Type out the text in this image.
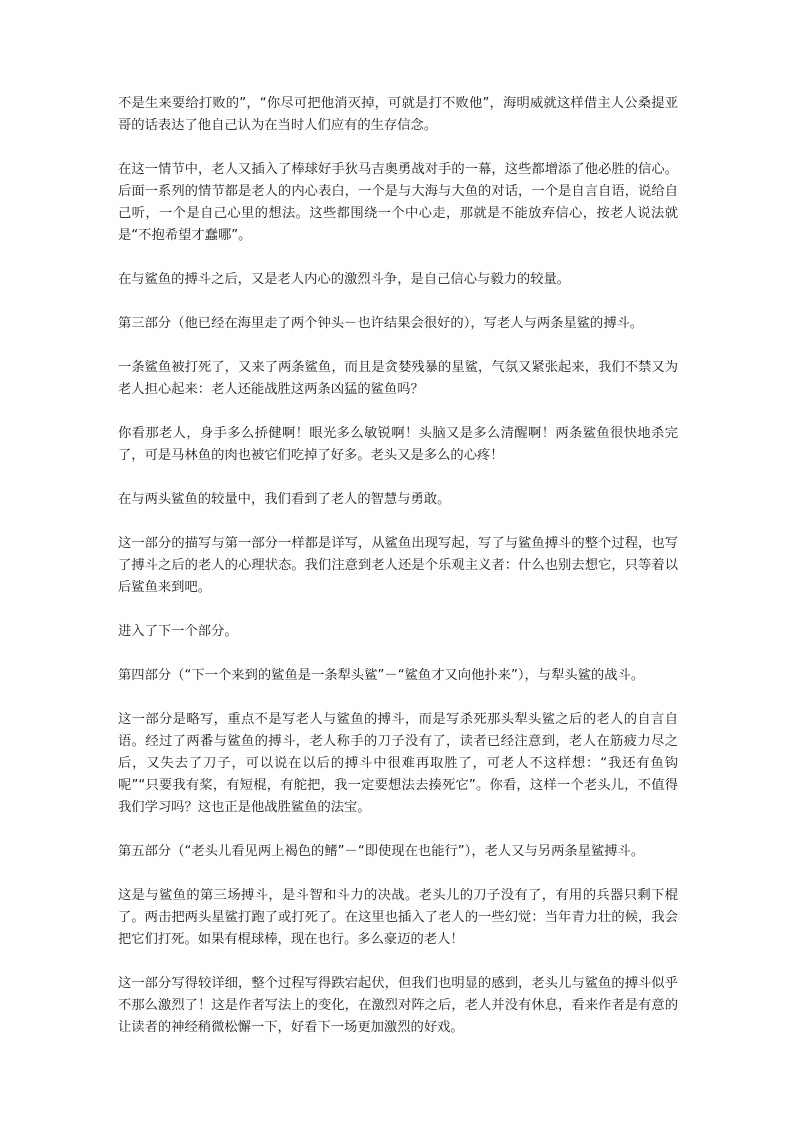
不是生来要给打败的”，“你尽可把他消灭掉，可就是打不败他”，海明威就这样借主人公桑提亚哥的话表达了他自己认为在当时人们应有的生存信念。

在这一情节中，老人又插入了棒球好手狄马吉奥勇战对手的一幕，这些都增添了他必胜的信心。后面一系列的情节都是老人的内心表白，一个是与大海与大鱼的对话，一个是自言自语，说给自己听，一个是自己心里的想法。这些都围绕一个中心走，那就是不能放弃信心，按老人说法就是“不抱希望才蠢哪”。

在与鲨鱼的搏斗之后，又是老人内心的激烈斗争，是自己信心与毅力的较量。

第三部分（他已经在海里走了两个钟头－也许结果会很好的），写老人与两条星鲨的搏斗。

一条鲨鱼被打死了，又来了两条鲨鱼，而且是贪婪残暴的星鲨，气氛又紧张起来，我们不禁又为老人担心起来：老人还能战胜这两条凶猛的鲨鱼吗？

你看那老人，身手多么挢健啊！眼光多么敏锐啊！头脑又是多么清醒啊！两条鲨鱼很快地杀完了，可是马林鱼的肉也被它们吃掉了好多。老头又是多么的心疼！

在与两头鲨鱼的较量中，我们看到了老人的智慧与勇敢。

这一部分的描写与第一部分一样都是详写，从鲨鱼出现写起，写了与鲨鱼搏斗的整个过程，也写了搏斗之后的老人的心理状态。我们注意到老人还是个乐观主义者：什么也别去想它，只等着以后鲨鱼来到吧。

进入了下一个部分。

第四部分（“下一个来到的鲨鱼是一条犁头鲨”－“鲨鱼才又向他扑来”），与犁头鲨的战斗。

这一部分是略写，重点不是写老人与鲨鱼的搏斗，而是写杀死那头犁头鲨之后的老人的自言自语。经过了两番与鲨鱼的搏斗，老人称手的刀子没有了，读者已经注意到，老人在筋疲力尽之后，又失去了刀子，可以说在以后的搏斗中很难再取胜了，可老人不这样想：“我还有鱼钩呢”“只要我有桨，有短棍，有舵把，我一定要想法去揍死它”。你看，这样一个老头儿，不值得我们学习吗？这也正是他战胜鲨鱼的法宝。

第五部分（“老头儿看见两上褐色的鳍”－“即使现在也能行”），老人又与另两条星鲨搏斗。

这是与鲨鱼的第三场搏斗，是斗智和斗力的决战。老头儿的刀子没有了，有用的兵器只剩下棍了。两击把两头星鲨打跑了或打死了。在这里也插入了老人的一些幻觉：当年青力壮的候，我会把它们打死。如果有棍球棒，现在也行。多么豪迈的老人！

这一部分写得较详细，整个过程写得跌宕起伏，但我们也明显的感到，老头儿与鲨鱼的搏斗似乎不那么激烈了！这是作者写法上的变化，在激烈对阵之后，老人并没有休息，看来作者是有意的让读者的神经稍微松懈一下，好看下一场更加激烈的好戏。
